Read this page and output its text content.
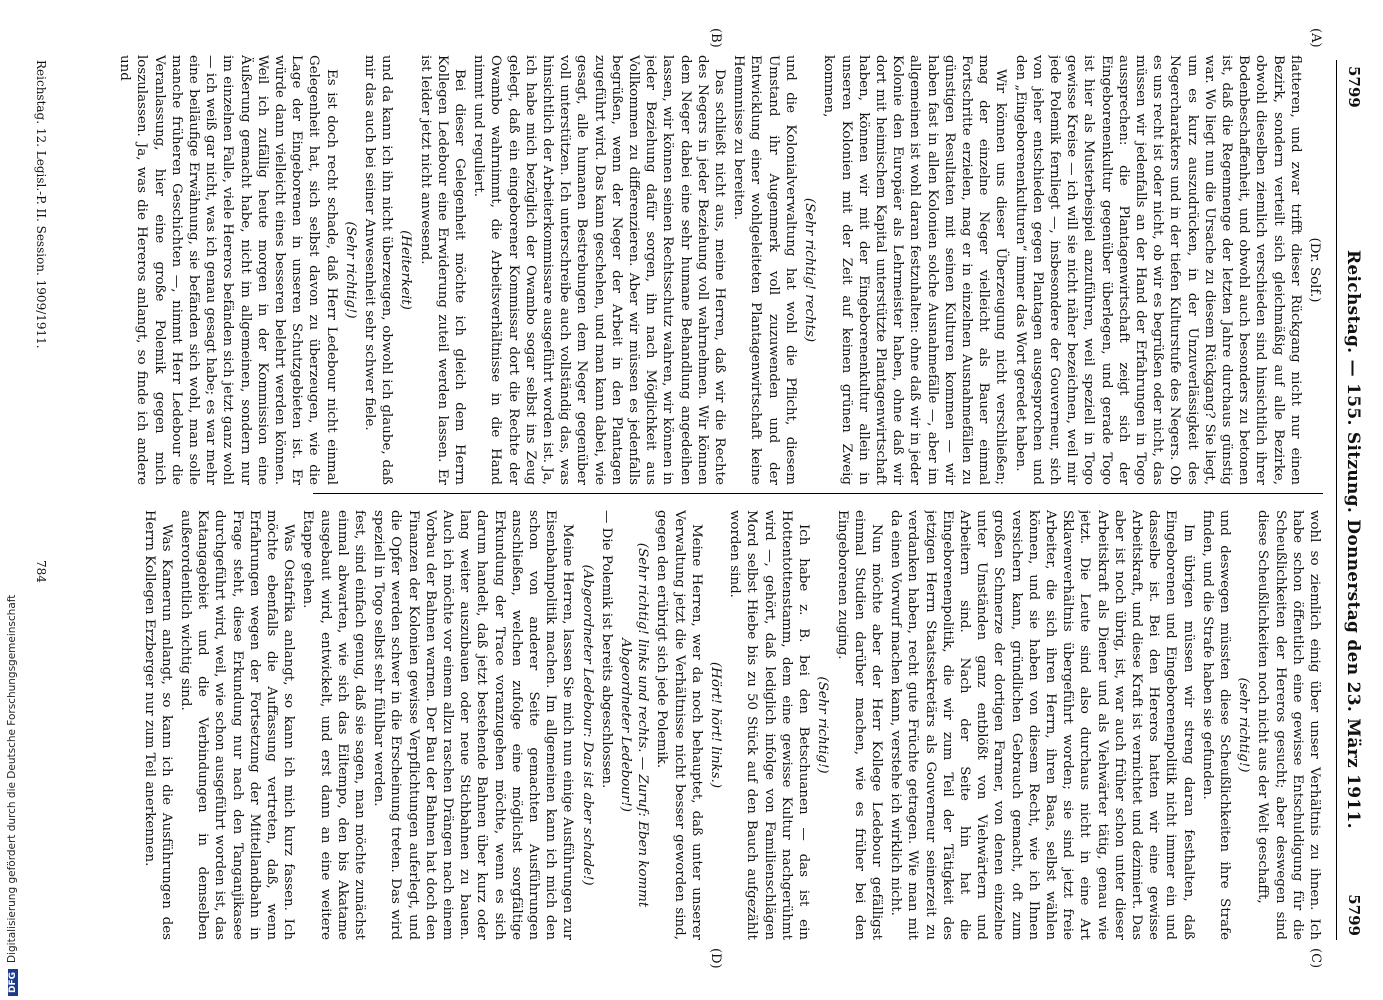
5799
Reichstag. — 155. Sitzung. Donnerstag den 23. März 1911.
5799
(A)
(B)
(C)
(D)

(Dr. Solf.)

flatteren, und zwar trifft dieser Rückgang nicht nur einen Bezirk, sondern verteilt sich gleichmäßig auf alle Bezirke, obwohl dieselben ziemlich verschieden sind hinsichtlich ihrer Bodenbeschaffenheit, und obwohl auch besonders zu betonen ist, daß die Regenmenge der letzten Jahre durchaus günstig war. Wo liegt nun die Ursache zu diesem Rückgang? Sie liegt, um es kurz auszudrücken, in der Unzuverlässigkeit des Negercharakters und in der tiefen Kulturstufe des Negers. Ob es uns recht ist oder nicht, ob wir es begrüßen oder nicht, das müssen wir jedenfalls an der Hand der Erfahrungen in Togo aussprechen: die Plantagenwirtschaft zeigt sich der Eingeborenenkultur gegenüber überlegen, und gerade Togo ist hier als Musterbeispiel anzuführen, weil speziell in Togo gewisse Kreise — ich will sie nicht näher bezeichnen, weil mir jede Polemik fernliegt —, insbesondere der Gouverneur, sich von jeher entschieden gegen Plantagen ausgesprochen und den „Eingeborenenkulturen“ immer das Wort geredet haben.

Wir können uns dieser Überzeugung nicht verschließen; mag der einzelne Neger vielleicht als Bauer einmal Fortschritte erzielen, mag er in einzelnen Ausnahmefällen zu günstigen Resultaten mit seinen Kulturen kommen — wir haben fast in allen Kolonien solche Ausnahmefälle —, aber im allgemeinen ist wohl daran festzuhalten: ohne daß wir in jeder Kolonie den Europäer als Lehrmeister haben, ohne daß wir dort mit heimischem Kapital unterstützte Plantagenwirtschaft haben, können wir mit der Eingeborenenkultur allein in unseren Kolonien mit der Zeit auf keinen grünen Zweig kommen,

(Sehr richtig! rechts)

und die Kolonialverwaltung hat wohl die Pflicht, diesem Umstand ihr Augenmerk voll zuzuwenden und der Entwicklung einer wohlgeleiteten Plantagenwirtschaft keine Hemmnisse zu bereiten.

Das schließt nicht aus, meine Herren, daß wir die Rechte des Negers in jeder Beziehung voll wahrnehmen. Wir können dem Neger dabei eine sehr humane Behandlung angedeihen lassen, wir können seinen Rechtsschutz wahren, wir können in jeder Beziehung dafür sorgen, ihn nach Möglichkeit aus Vollkommen zu differenzieren. Aber wir müssen es jedenfalls begrüßen, wenn der Neger der Arbeit in den Plantagen zugeführt wird. Das kann geschehen, und man kann dabei, wie gesagt, alle humanen Bestrebungen dem Neger gegenüber voll unterstützen. Ich unterschreibe auch vollständig das, was hinsichtlich der Arbeiterkommissare ausgeführt worden ist. Ja, ich habe mich bezüglich der Owambo sogar selbst ins Zeug gelegt, daß ein eingeborener Kommissar dort die Rechte der Owambo wahrnimmt, die Arbeitsverhältnisse in die Hand nimmt und reguliert.

Bei dieser Gelegenheit möchte ich gleich dem Herrn Kollegen Ledebour eine Erwiderung zuteil werden lassen. Er ist leider jetzt nicht anwesend.

(Heiterkeit)

und da kann ich ihn nicht überzeugen, obwohl ich glaube, daß mir das auch bei seiner Anwesenheit sehr schwer fiele.

(Sehr richtig!)

Es ist doch recht schade, daß Herr Ledebour nicht einmal Gelegenheit hat, sich selbst davon zu überzeugen, wie die Lage der Eingeborenen in unseren Schutzgebieten ist. Er würde dann vielleicht eines besseren belehrt werden können. Weil ich zufällig heute morgen in der Kommission eine Äußerung gemacht habe, nicht im allgemeinen, sondern nur im einzelnen Falle, viele Hereros befänden sich jetzt ganz wohl — ich weiß gar nicht, was ich genau gesagt habe; es war mehr eine beiläufige Erwähnung, sie befänden sich wohl, man solle manche früheren Geschichten —, nimmt Herr Ledebour die Veranlassung, hier eine große Polemik gegen mich loszulassen. Ja, was die Hereros anlangt, so finde ich andere und

wohl so ziemlich einig über unser Verhältnis zu ihnen. Ich habe schon öffentlich eine gewisse Entschuldigung für die Scheußlichkeiten der Hereros gesucht; aber deswegen sind diese Scheußlichkeiten noch nicht aus der Welt geschafft,

(sehr richtig!)

und deswegen müssten diese Scheußlichkeiten ihre Strafe finden, und die Strafe haben sie gefunden.

Im übrigen müssen wir streng daran festhalten, daß Eingeborenen und Eingeborenenpolitik nicht immer ein und dasselbe ist. Bei den Hereros hatten wir eine gewisse Arbeitskraft, und diese Kraft ist vernichtet und dezimiert. Das aber ist noch übrig, ist, war auch früher schon unter dieser Arbeitskraft als Diener und als Viehwärter tätig, genau wie jetzt. Die Leute sind also durchaus nicht in eine Art Sklavenverhältnis übergeführt worden; sie sind jetzt freie Arbeiter, die sich ihren Herrn, ihren Baas, selbst wählen können, und sie haben von diesem Recht, wie ich Ihnen versichern kann, gründlichen Gebrauch gemacht, oft zum großen Schmerze der dortigen Farmer, von denen einzelne unter Umständen ganz entblößt von Viehwärtern und Arbeitern sind. Nach der Seite hin hat die Eingeborenenpolitik, die wir zum Teil der Tätigkeit des jetzigen Herrn Staatssekretärs als Gouverneur seinerzeit zu verdanken haben, recht gute Früchte getragen. Wie man mit da einen Vorwurf machen kann, verstehe ich wirklich nicht.

Nun möchte aber der Herr Kollege Ledebour gefälligst einmal Studien darüber machen, wie es früher bei den Eingeborenen zuging.

(Sehr richtig!)

Ich habe z. B. bei den Betschuanen — das ist ein Hottentottenstamm, dem eine gewisse Kultur nachgerühmt wird —, gehört, daß lediglich infolge von Familienschlägen Mord selbst Hiebe bis zu 50 Stück auf den Bauch aufgezählt worden sind.

(Hört! hört! links.)

Meine Herren, wer da noch behauptet, daß unter unserer Verwaltung jetzt die Verhältnisse nicht besser geworden sind, gegen den erübrigt sich jede Polemik.

(Sehr richtig! links und rechts. — Zuruf: Eben kommt Abgeordneter Ledebour!)

— Die Polemik ist bereits abgeschlossen.

(Abgeordneter Ledebour: Das ist aber schade!)

Meine Herren, lassen Sie mich nun einige Ausführungen zur Eisenbahnpolitik machen. Im allgemeinen kann ich mich den schon von anderer Seite gemachten Ausführungen anschließen, welchen zufolge eine möglichst sorgfältige Erkundung der Trace voranzugehen möchte, wenn es sich darum handelt, daß jetzt bestehende Bahnen über kurz oder lang weiter auszubauen oder neue Stichbahnen zu bauen. Auch ich möchte vor einem allzu raschen Drängen nach einem Vorbau der Bahnen warnen. Der Bau der Bahnen hat doch den Finanzen der Kolonien gewisse Verpflichtungen auferlegt, und die Opfer werden schwer in die Erscheinung treten. Das wird speziell in Togo selbst sehr fühlbar werden.

fest, sind einfach genug, daß sie sagen, man möchte zunächst einmal abwarten, wie sich das Eiltempo, den bis Akatame ausgebaut wird, entwickelt, und erst dann an eine weitere Etappe gehen.

Was Ostafrika anlangt, so kann ich mich kurz fassen. Ich möchte ebenfalls die Auffassung vertreten, daß, wenn Erfahrungen wegen der Fortsetzung der Mittellandbahn in Frage steht, diese Erkundung nur nach den Tanganjikasee durchgeführt wird, weil, wie schon ausgeführt worden ist, das Katangagebiet und die Verbindungen in demselben außerordentlich wichtig sind.

Was Kamerun anlangt, so kann ich die Ausführungen des Herrn Kollegen Erzberger nur zum Teil anerkennen.

Reichstag. 12. Legisl.-P. II. Session. 1909/1911.
784
DFGDigitalisierung gefördert durch die Deutsche Forschungsgemeinschaft
